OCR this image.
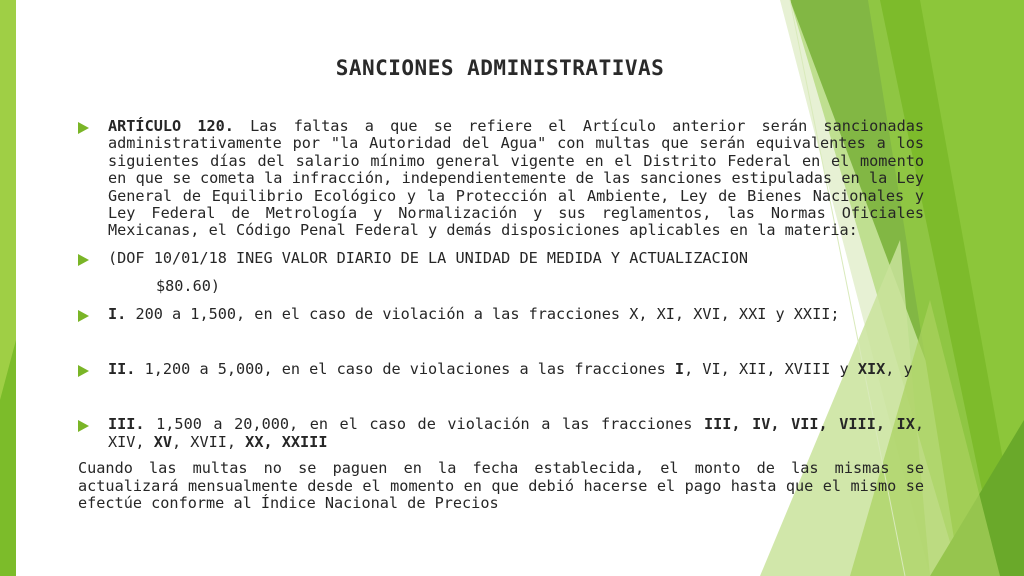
SANCIONES ADMINISTRATIVAS
ARTÍCULO 120. Las faltas a que se refiere el Artículo anterior serán sancionadas administrativamente por "la Autoridad del Agua" con multas que serán equivalentes a los siguientes días del salario mínimo general vigente en el Distrito Federal en el momento en que se cometa la infracción, independientemente de las sanciones estipuladas en la Ley General de Equilibrio Ecológico y la Protección al Ambiente, Ley de Bienes Nacionales y Ley Federal de Metrología y Normalización y sus reglamentos, las Normas Oficiales Mexicanas, el Código Penal Federal y demás disposiciones aplicables en la materia:
(DOF 10/01/18 INEG VALOR DIARIO DE LA UNIDAD DE MEDIDA Y ACTUALIZACION
$80.60)
I. 200 a 1,500, en el caso de violación a las fracciones X, XI, XVI, XXI y XXII;
II. 1,200 a 5,000, en el caso de violaciones a las fracciones I, VI, XII, XVIII y XIX, y
III. 1,500 a 20,000, en el caso de violación a las fracciones III, IV, VII, VIII, IX, XIV, XV, XVII, XX, XXIII
Cuando las multas no se paguen en la fecha establecida, el monto de las mismas se actualizará mensualmente desde el momento en que debió hacerse el pago hasta que el mismo se efectúe conforme al Índice Nacional de Precios
